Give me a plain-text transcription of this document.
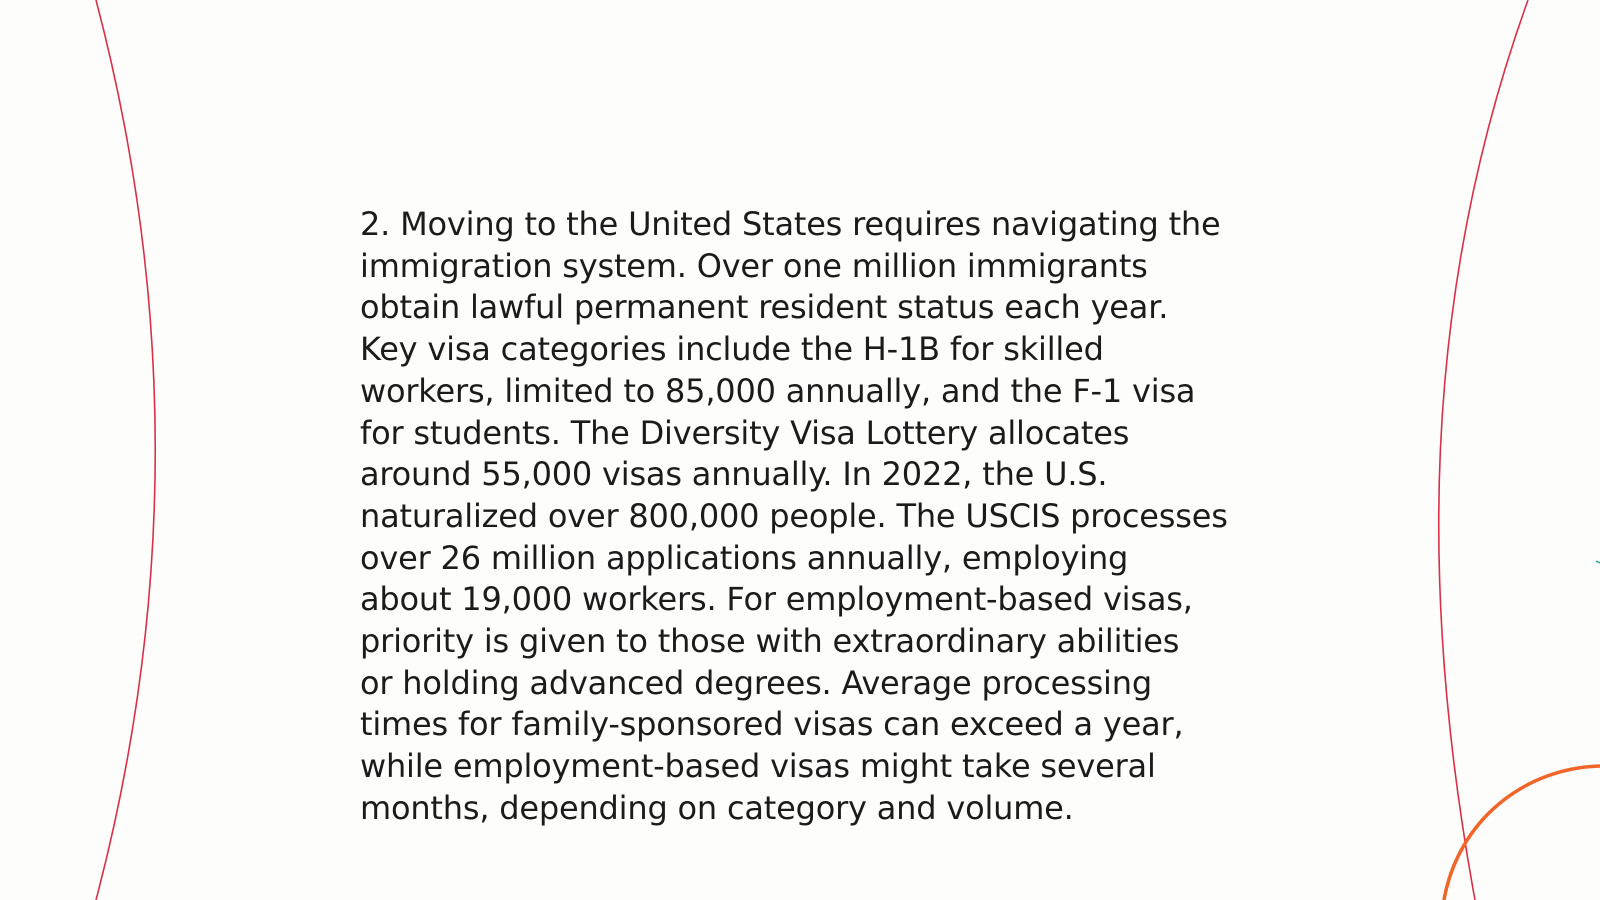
2. Moving to the United States requires navigating the
immigration system. Over one million immigrants
obtain lawful permanent resident status each year.
Key visa categories include the H-1B for skilled
workers, limited to 85,000 annually, and the F-1 visa
for students. The Diversity Visa Lottery allocates
around 55,000 visas annually. In 2022, the U.S.
naturalized over 800,000 people. The USCIS processes
over 26 million applications annually, employing
about 19,000 workers. For employment-based visas,
priority is given to those with extraordinary abilities
or holding advanced degrees. Average processing
times for family-sponsored visas can exceed a year,
while employment-based visas might take several
months, depending on category and volume.
